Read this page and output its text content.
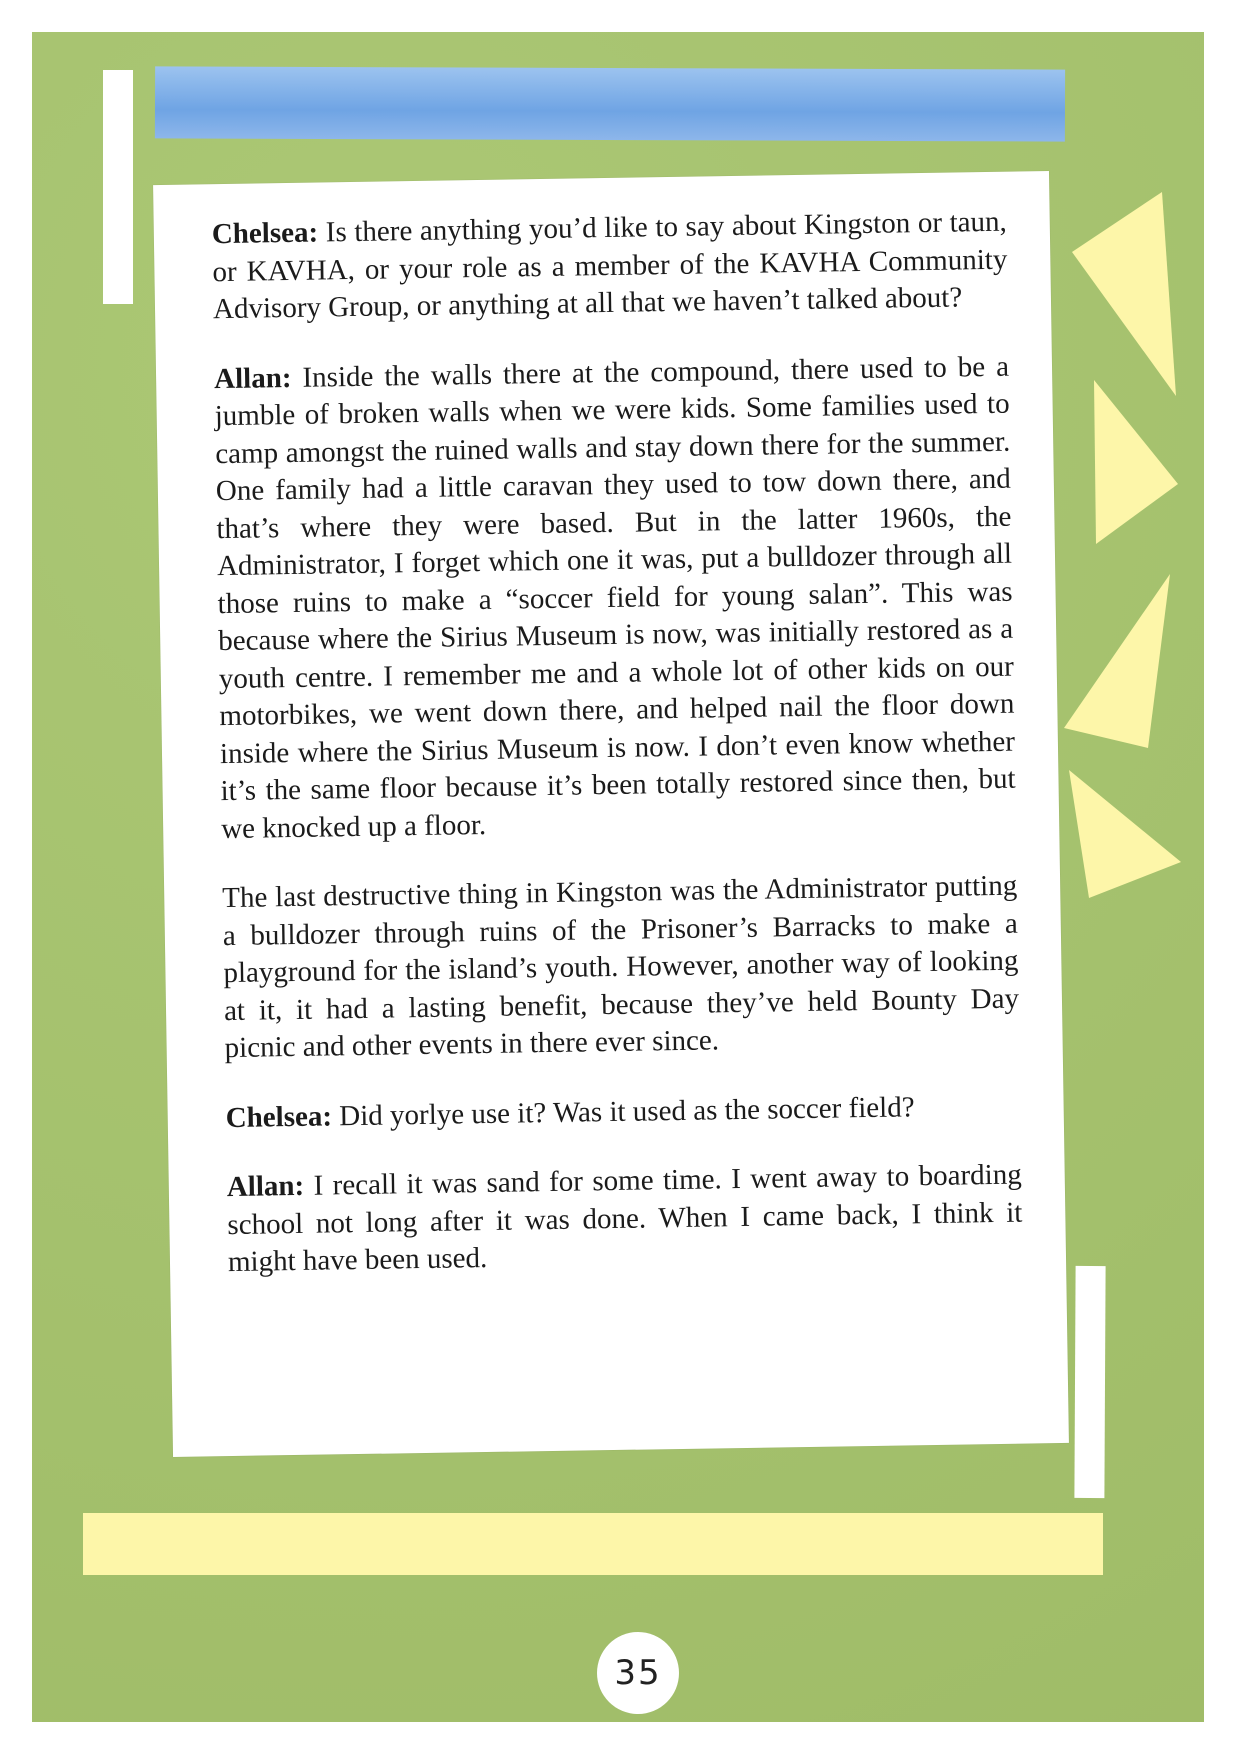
Chelsea: Is there anything you’d like to say about Kingston or taun, or KAVHA, or your role as a member of the KAVHA Community Advisory Group, or anything at all that we haven’t talked about?

Allan: Inside the walls there at the compound, there used to be a jumble of broken walls when we were kids. Some families used to camp amongst the ruined walls and stay down there for the summer. One family had a little caravan they used to tow down there, and that’s where they were based. But in the latter 1960s, the Administrator, I forget which one it was, put a bulldozer through all those ruins to make a “soccer field for young salan”. This was because where the Sirius Museum is now, was initially restored as a youth centre. I remember me and a whole lot of other kids on our motorbikes, we went down there, and helped nail the floor down inside where the Sirius Museum is now. I don’t even know whether it’s the same floor because it’s been totally restored since then, but we knocked up a floor.

The last destructive thing in Kingston was the Administrator putting a bulldozer through ruins of the Prisoner’s Barracks to make a playground for the island’s youth. However, another way of looking at it, it had a lasting benefit, because they’ve held Bounty Day picnic and other events in there ever since.

Chelsea: Did yorlye use it? Was it used as the soccer field?

Allan: I recall it was sand for some time. I went away to boarding school not long after it was done. When I came back, I think it might have been used.

35
